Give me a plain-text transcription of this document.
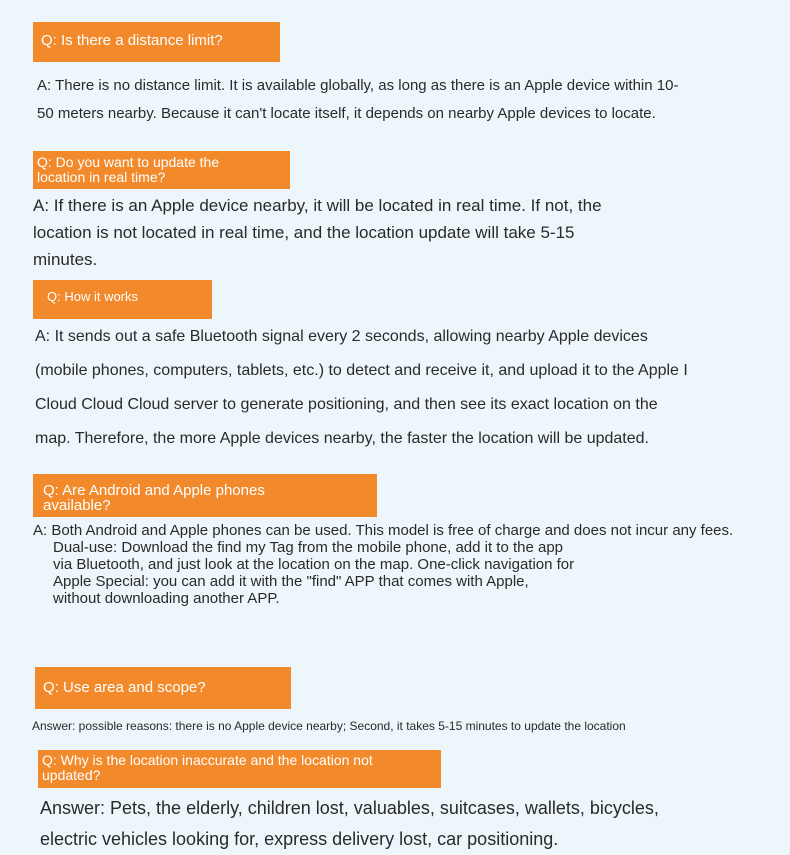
Q: Is there a distance limit?
A: There is no distance limit. It is available globally, as long as there is an Apple device within 10-
50 meters nearby. Because it can't locate itself, it depends on nearby Apple devices to locate.
Q: Do you want to update the
location in real time?
A: If there is an Apple device nearby, it will be located in real time. If not, the
location is not located in real time, and the location update will take 5-15
minutes.
Q: How it works
A: It sends out a safe Bluetooth signal every 2 seconds, allowing nearby Apple devices
(mobile phones, computers, tablets, etc.) to detect and receive it, and upload it to the Apple I
Cloud Cloud Cloud server to generate positioning, and then see its exact location on the
map. Therefore, the more Apple devices nearby, the faster the location will be updated.
Q: Are Android and Apple phones
available?
A: Both Android and Apple phones can be used. This model is free of charge and does not incur any fees.
Dual-use: Download the find my Tag from the mobile phone, add it to the app
via Bluetooth, and just look at the location on the map. One-click navigation for
Apple Special: you can add it with the "find" APP that comes with Apple,
without downloading another APP.
Q: Use area and scope?
Answer: possible reasons: there is no Apple device nearby; Second, it takes 5-15 minutes to update the location
Q: Why is the location inaccurate and the location not
updated?
Answer: Pets, the elderly, children lost, valuables, suitcases, wallets, bicycles,
electric vehicles looking for, express delivery lost, car positioning.
